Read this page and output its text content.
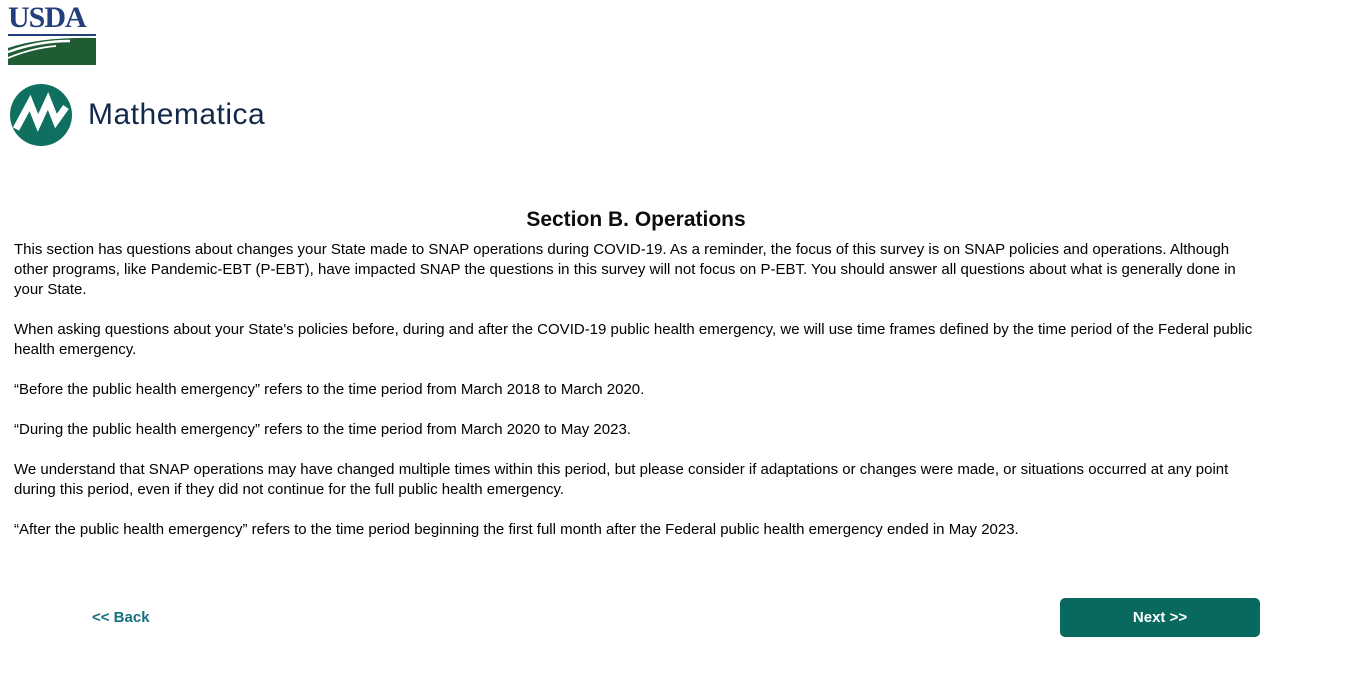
USDA
Mathematica
Section B. Operations

This section has questions about changes your State made to SNAP operations during COVID-19. As a reminder, the focus of this survey is on SNAP policies and operations. Although other programs, like Pandemic-EBT (P-EBT), have impacted SNAP the questions in this survey will not focus on P-EBT. You should answer all questions about what is generally done in your State.

When asking questions about your State's policies before, during and after the COVID-19 public health emergency, we will use time frames defined by the time period of the Federal public health emergency.

“Before the public health emergency” refers to the time period from March 2018 to March 2020.

“During the public health emergency” refers to the time period from March 2020 to May 2023.

We understand that SNAP operations may have changed multiple times within this period, but please consider if adaptations or changes were made, or situations occurred at any point during this period, even if they did not continue for the full public health emergency.

“After the public health emergency” refers to the time period beginning the first full month after the Federal public health emergency ended in May 2023.

<< Back	Next >>
